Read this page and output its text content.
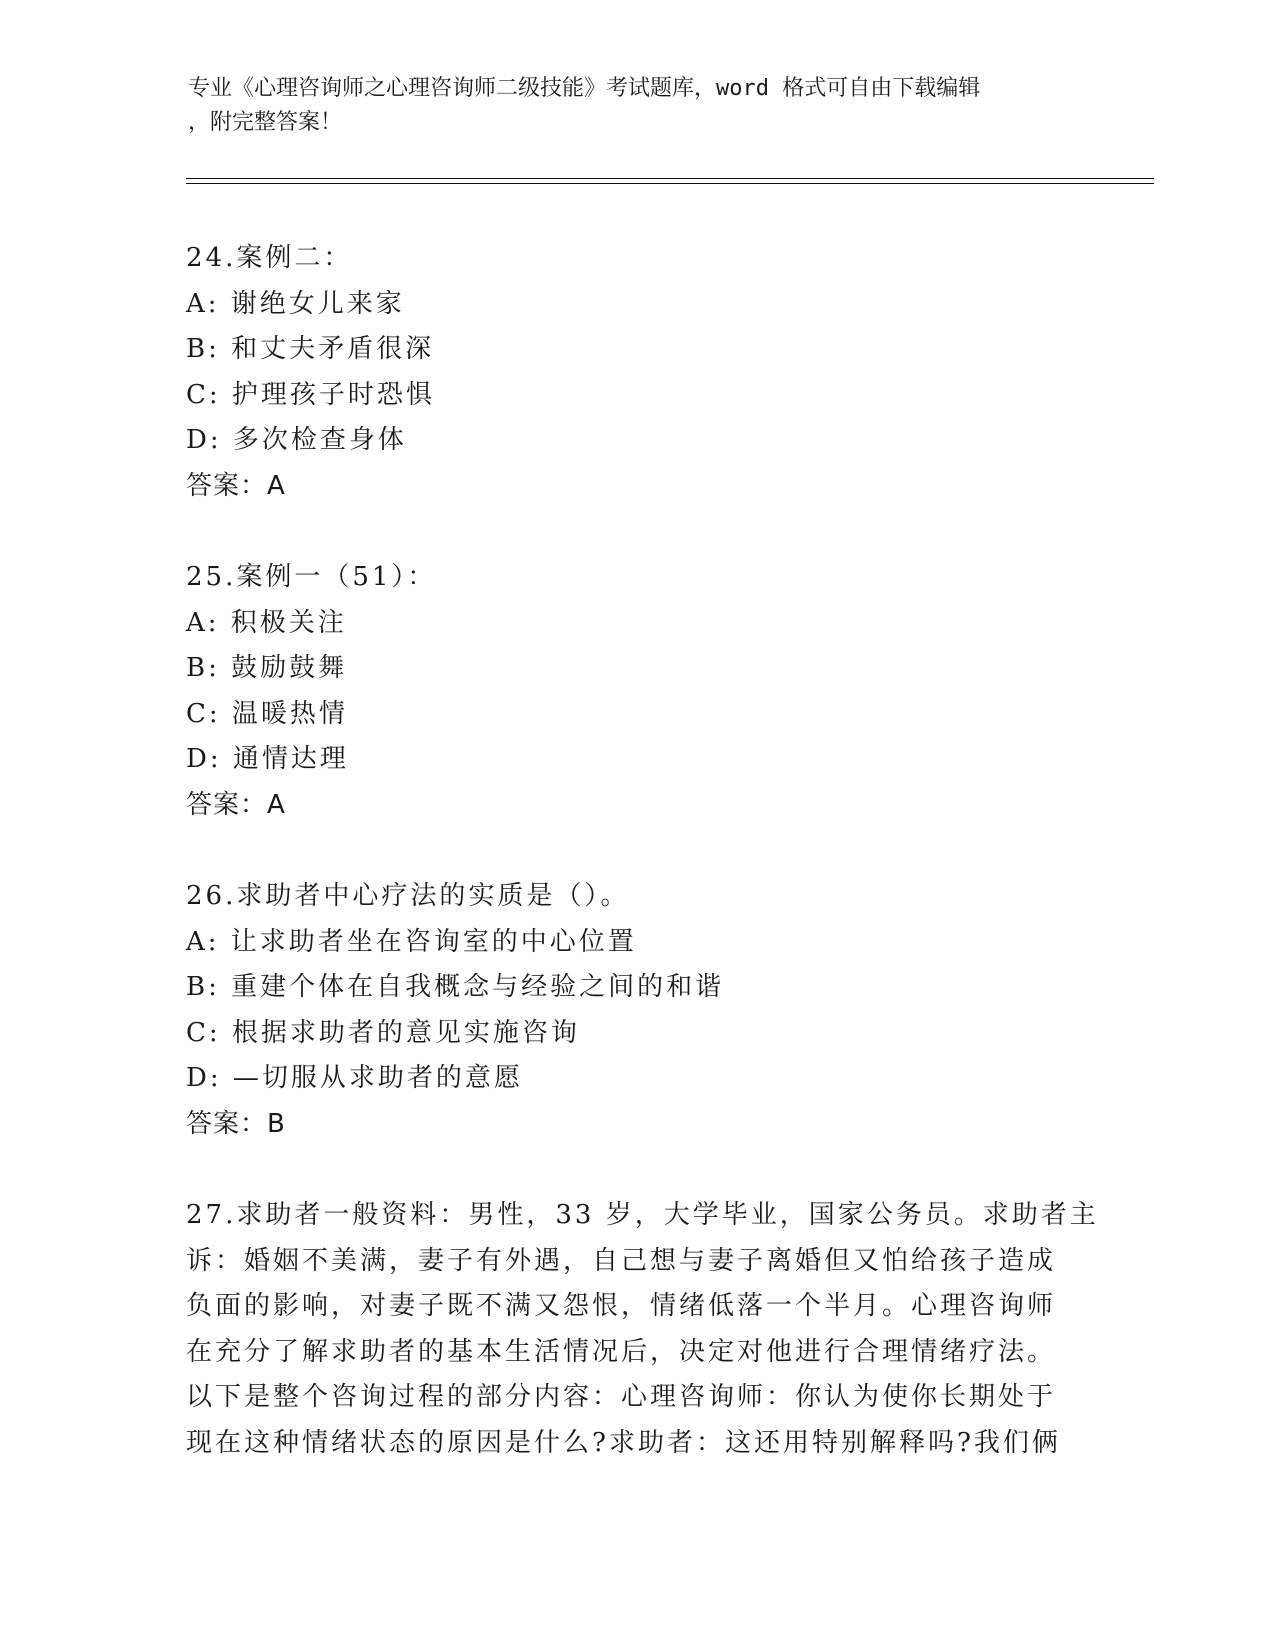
专业《心理咨询师之心理咨询师二级技能》考试题库，word 格式可自由下载编辑
，附完整答案！
24.案例二：
A: 谢绝女儿来家
B: 和丈夫矛盾很深
C: 护理孩子时恐惧
D: 多次检查身体
答案：A
25.案例一（51）：
A: 积极关注
B: 鼓励鼓舞
C: 温暖热情
D: 通情达理
答案：A
26.求助者中心疗法的实质是（）。
A: 让求助者坐在咨询室的中心位置
B: 重建个体在自我概念与经验之间的和谐
C: 根据求助者的意见实施咨询
D: —切服从求助者的意愿
答案：B
27.求助者一般资料：男性，33 岁，大学毕业，国家公务员。求助者主
诉：婚姻不美满，妻子有外遇，自己想与妻子离婚但又怕给孩子造成
负面的影响，对妻子既不满又怨恨，情绪低落一个半月。心理咨询师
在充分了解求助者的基本生活情况后，决定对他进行合理情绪疗法。
以下是整个咨询过程的部分内容：心理咨询师：你认为使你长期处于
现在这种情绪状态的原因是什么?求助者：这还用特别解释吗?我们俩
